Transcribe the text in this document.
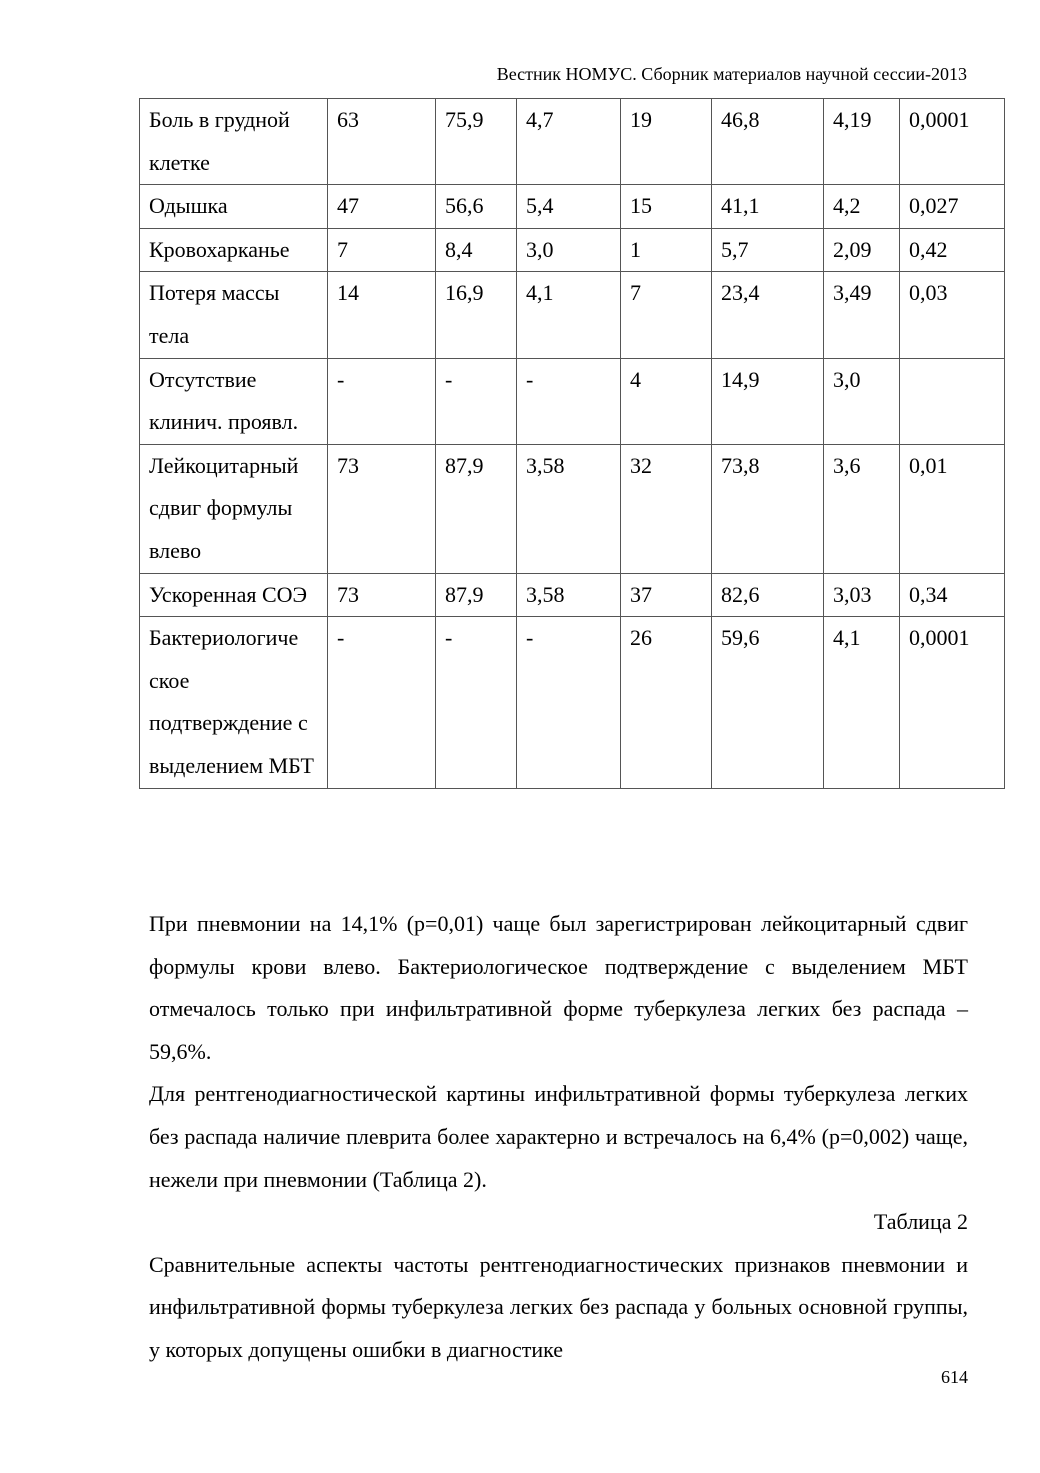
Вестник НОМУС. Сборник материалов научной сессии-2013
Боль в грудной клетке	63	75,9	4,7	19	46,8	4,19	0,0001
Одышка	47	56,6	5,4	15	41,1	4,2	0,027
Кровохарканье	7	8,4	3,0	1	5,7	2,09	0,42
Потеря массы тела	14	16,9	4,1	7	23,4	3,49	0,03
Отсутствие клинич. проявл.	-	-	-	4	14,9	3,0	
Лейкоцитарный сдвиг формулы влево	73	87,9	3,58	32	73,8	3,6	0,01
Ускоренная СОЭ	73	87,9	3,58	37	82,6	3,03	0,34
Бактериологиче ское подтверждение с выделением МБТ	-	-	-	26	59,6	4,1	0,0001

При пневмонии на 14,1% (р=0,01) чаще был зарегистрирован лейкоцитарный сдвиг формулы крови влево. Бактериологическое подтверждение с выделением МБТ отмечалось только при инфильтративной форме туберкулеза легких без распада – 59,6%.

Для рентгенодиагностической картины инфильтративной формы туберкулеза легких без распада наличие плеврита более характерно и встречалось на 6,4% (р=0,002) чаще, нежели при пневмонии (Таблица 2).

Таблица 2

Сравнительные аспекты частоты рентгенодиагностических признаков пневмонии и инфильтративной формы туберкулеза легких без распада у больных основной группы, у которых допущены ошибки в диагностике

614
